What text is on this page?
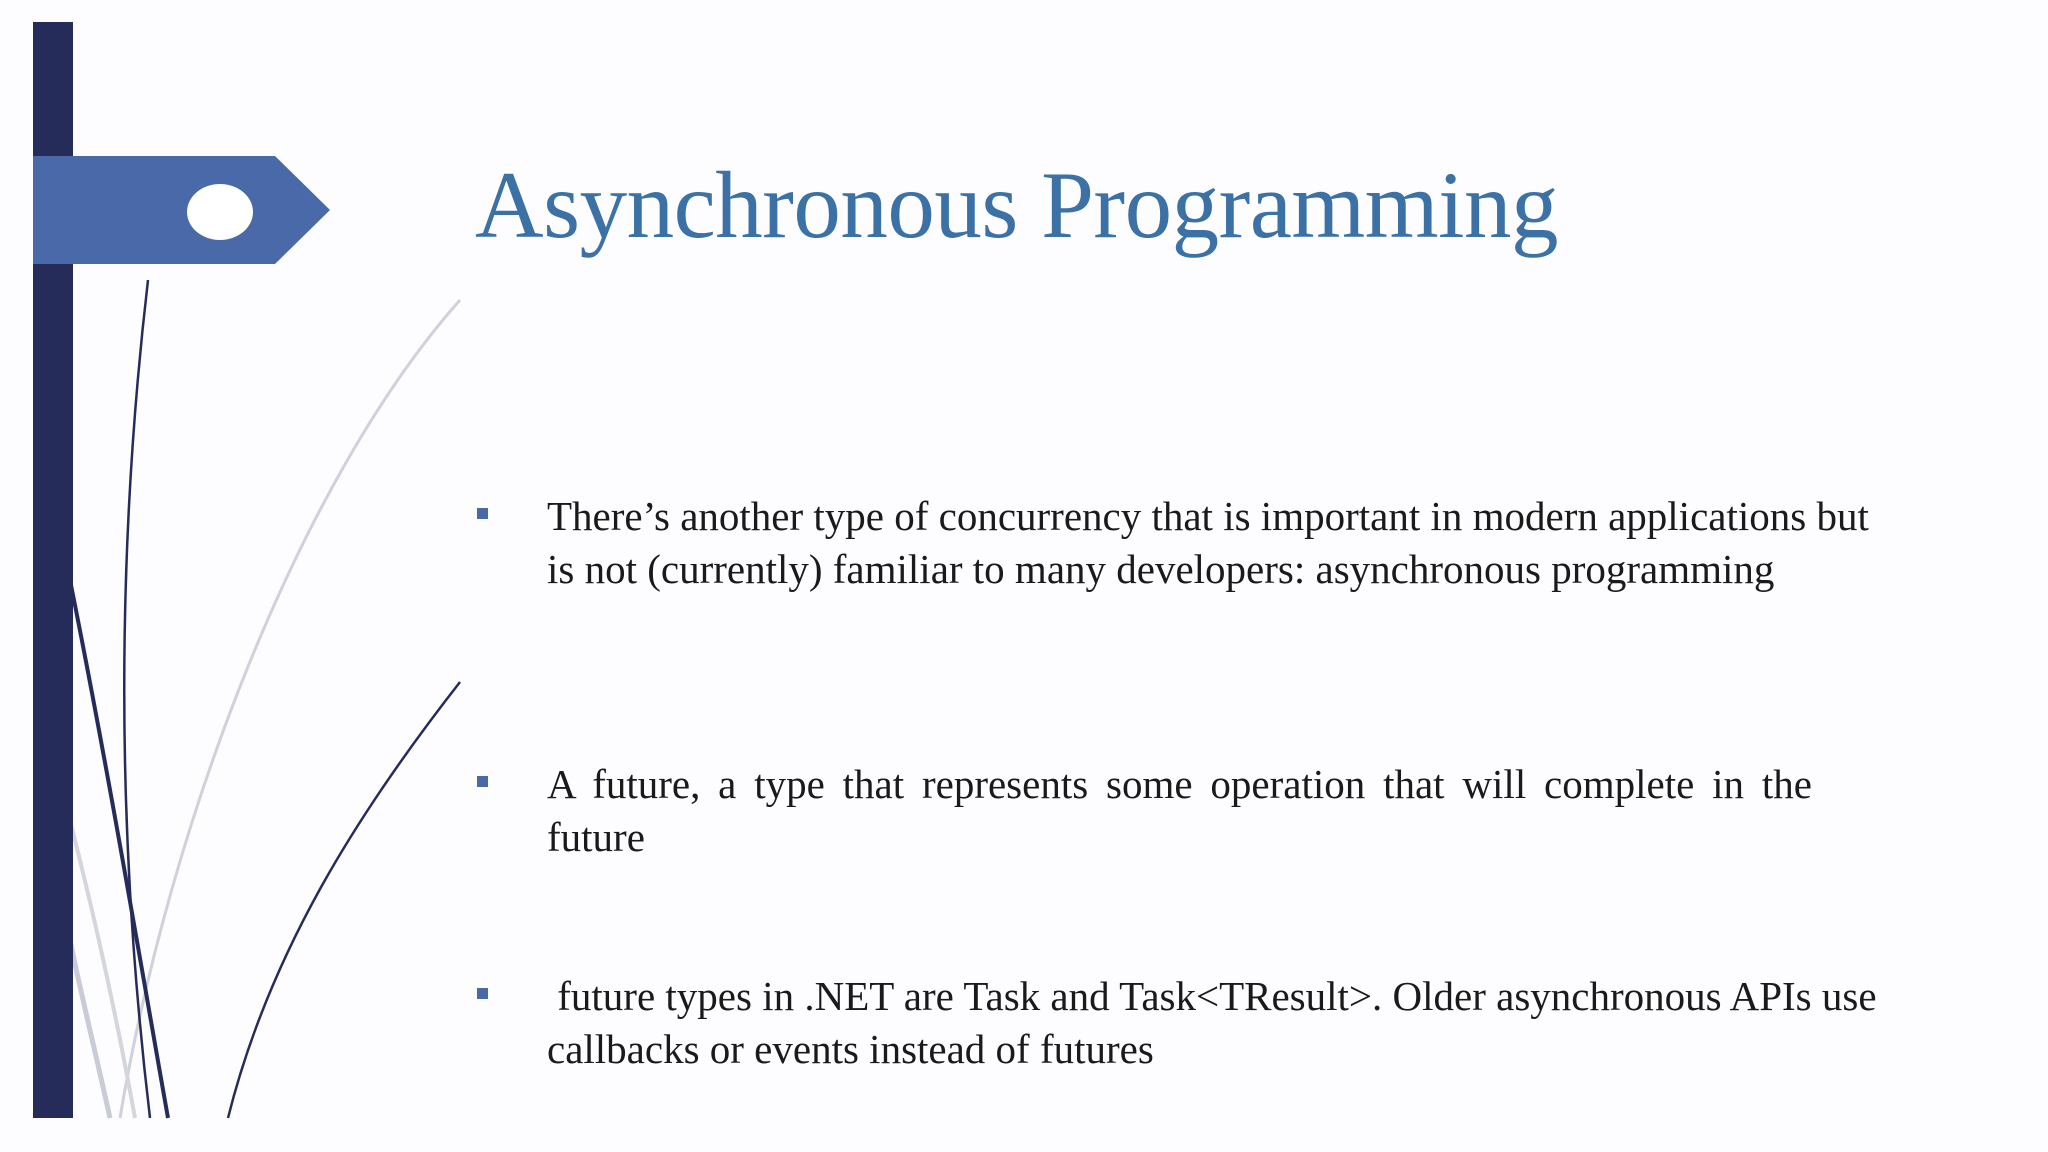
Asynchronous Programming
There’s another type of concurrency that is important in modern applications but is not (currently) familiar to many developers: asynchronous programming
A future, a type that represents some operation that will complete in the future
future types in .NET are Task and Task<TResult>. Older asynchronous APIs use callbacks or events instead of futures
